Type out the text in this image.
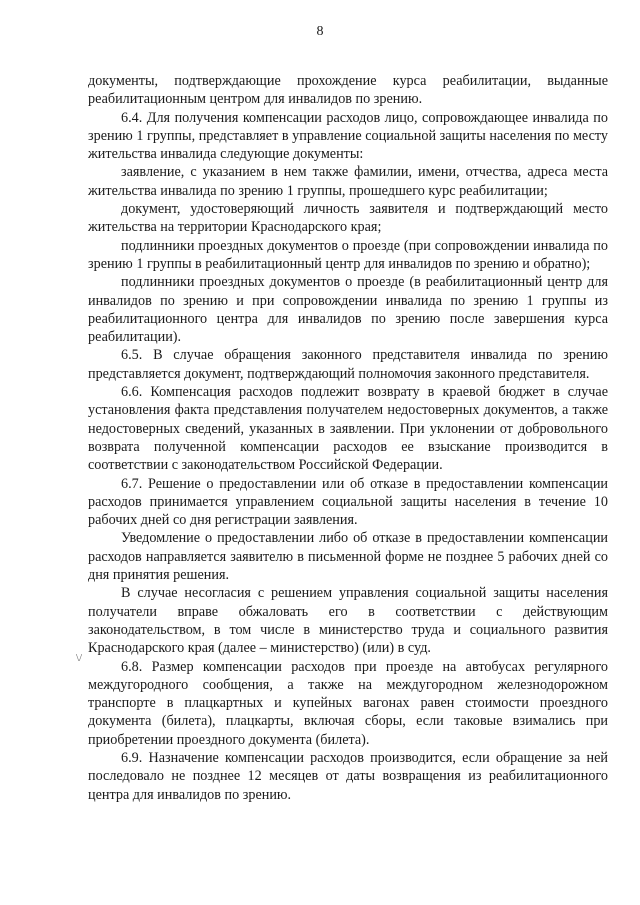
8

документы, подтверждающие прохождение курса реабилитации, выданные реабилитационным центром для инвалидов по зрению.

6.4. Для получения компенсации расходов лицо, сопровождающее инвалида по зрению 1 группы, представляет в управление социальной защиты населения по месту жительства инвалида следующие документы:

заявление, с указанием в нем также фамилии, имени, отчества, адреса места жительства инвалида по зрению 1 группы, прошедшего курс реабилитации;

документ, удостоверяющий личность заявителя и подтверждающий место жительства на территории Краснодарского края;

подлинники проездных документов о проезде (при сопровождении инвалида по зрению 1 группы в реабилитационный центр для инвалидов по зрению и обратно);

подлинники проездных документов о проезде (в реабилитационный центр для инвалидов по зрению и при сопровождении инвалида по зрению 1 группы из реабилитационного центра для инвалидов по зрению после завершения курса реабилитации).

6.5. В случае обращения законного представителя инвалида по зрению представляется документ, подтверждающий полномочия законного представителя.

6.6. Компенсация расходов подлежит возврату в краевой бюджет в случае установления факта представления получателем недостоверных документов, а также недостоверных сведений, указанных в заявлении. При уклонении от добровольного возврата полученной компенсации расходов ее взыскание производится в соответствии с законодательством Российской Федерации.

6.7. Решение о предоставлении или об отказе в предоставлении компенсации расходов принимается управлением социальной защиты населения в течение 10 рабочих дней со дня регистрации заявления.

Уведомление о предоставлении либо об отказе в предоставлении компенсации расходов направляется заявителю в письменной форме не позднее 5 рабочих дней со дня принятия решения.

В случае несогласия с решением управления социальной защиты населения получатели вправе обжаловать его в соответствии с действующим законодательством, в том числе в министерство труда и социального развития Краснодарского края (далее – министерство) (или) в суд.

6.8. Размер компенсации расходов при проезде на автобусах регулярного междугородного сообщения, а также на междугородном железнодорожном транспорте в плацкартных и купейных вагонах равен стоимости проездного документа (билета), плацкарты, включая сборы, если таковые взимались при приобретении проездного документа (билета).

6.9. Назначение компенсации расходов производится, если обращение за ней последовало не позднее 12 месяцев от даты возвращения из реабилитационного центра для инвалидов по зрению.

\/
